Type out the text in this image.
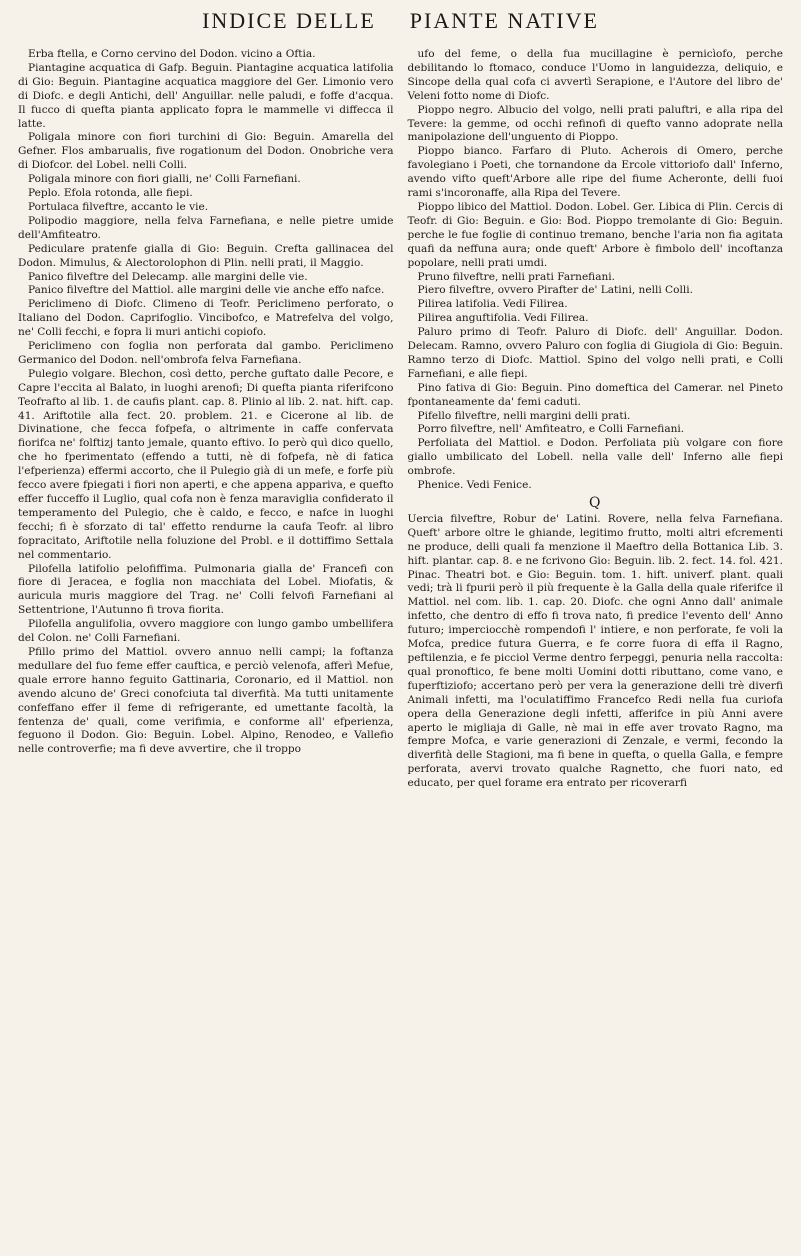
INDICE DELLE PIANTE NATIVE

Erba ftella, e Corno cervino del Dodon. vicino a Oftia.

Piantagine acquatica di Gafp. Beguin. Piantagine acquatica latifolia di Gio: Beguin. Piantagine acquatica maggiore del Ger. Limonio vero di Diofc. e degli Antichi, dell' Anguillar. nelle paludi, e foffe d'acqua. Il fucco di quefta pianta applicato fopra le mammelle vi diffecca il latte.

Poligala minore con fiori turchini di Gio: Beguin. Amarella del Gefner. Flos ambarualis, five rogationum del Dodon. Onobriche vera di Diofcor. del Lobel. nelli Colli.

Poligala minore con fiori gialli, ne' Colli Farnefiani.

Peplo. Efola rotonda, alle fiepi.

Portulaca filveftre, accanto le vie.

Polipodio maggiore, nella felva Farnefiana, e nelle pietre umide dell'Amfiteatro.

Pediculare pratenfe gialla di Gio: Beguin. Crefta gallinacea del Dodon. Mimulus, & Alectorolophon di Plin. nelli prati, il Maggio.

Panico filveftre del Delecamp. alle margini delle vie.

Panico filveftre del Mattiol. alle margini delle vie anche effo nafce.

Periclimeno di Diofc. Climeno di Teofr. Periclimeno perforato, o Italiano del Dodon. Caprifoglio. Vincibofco, e Matrefelva del volgo, ne' Colli fecchi, e fopra li muri antichi copiofo.

Periclimeno con foglia non perforata dal gambo. Periclimeno Germanico del Dodon. nell'ombrofa felva Farnefiana.

Pulegio volgare. Blechon, così detto, perche guftato dalle Pecore, e Capre l'eccita al Balato, in luoghi arenofi; Di quefta pianta riferifcono Teofrafto al lib. 1. de caufis plant. cap. 8. Plinio al lib. 2. nat. hift. cap. 41. Ariftotile alla fect. 20. problem. 21. e Cicerone al lib. de Divinatione, che fecca fofpefa, o altrimente in caffe confervata fiorifca ne' folftizj tanto jemale, quanto eftivo. Io però quì dico quello, che ho fperimentato (effendo a tutti, nè di fofpefa, nè di fatica l'efperienza) effermi accorto, che il Pulegio già di un mefe, e forfe più fecco avere fpiegati i fiori non aperti, e che appena appariva, e quefto effer fucceffo il Luglio, qual cofa non è fenza maraviglia confiderato il temperamento del Pulegio, che è caldo, e fecco, e nafce in luoghi fecchi; fi è sforzato di tal' effetto rendurne la caufa Teofr. al libro fopracitato, Ariftotile nella foluzione del Probl. e il dottiffimo Settala nel commentario.

Pilofella latifolio pelofiffima. Pulmonaria gialla de' Francefi con fiore di Jeracea, e foglia non macchiata del Lobel. Miofatis, & auricula muris maggiore del Trag. ne' Colli felvofi Farnefiani al Settentrione, l'Autunno fi trova fiorita.

Pilofella angulifolia, ovvero maggiore con lungo gambo umbellifera del Colon. ne' Colli Farnefiani.

Pfillo primo del Mattiol. ovvero annuo nelli campi; la foftanza medullare del fuo feme effer cauftica, e perciò velenofa, afferì Mefue, quale errore hanno feguito Gattinaria, Coronario, ed il Mattiol. non avendo alcuno de' Greci conofciuta tal diverfità. Ma tutti unitamente confeffano effer il feme di refrigerante, ed umettante facoltà, la fentenza de' quali, come verifimia, e conforme all' efperienza, feguono il Dodon. Gio: Beguin. Lobel. Alpino, Renodeo, e Vallefio nelle controverfie; ma fi deve avvertire, che il troppo

ufo del feme, o della fua mucillagine è pernicìofo, perche debilitando lo ftomaco, conduce l'Uomo in languidezza, deliquio, e Sincope della qual cofa ci avvertì Serapione, e l'Autore del libro de' Veleni fotto nome di Diofc.

Pioppo negro. Albucio del volgo, nelli prati paluftri, e alla ripa del Tevere: la gemme, od occhi refinofi di quefto vanno adoprate nella manipolazione dell'unguento di Pioppo.

Pioppo bianco. Farfaro di Pluto. Acherois di Omero, perche favolegiano i Poeti, che tornandone da Ercole vittoriofo dall' Inferno, avendo vifto queft'Arbore alle ripe del fiume Acheronte, delli fuoi rami s'incoronaffe, alla Ripa del Tevere.

Pioppo libico del Mattiol. Dodon. Lobel. Ger. Libica di Plin. Cercis di Teofr. di Gio: Beguin. e Gio: Bod. Pioppo tremolante di Gio: Beguin. perche le fue foglie di continuo tremano, benche l'aria non fia agitata quafi da neffuna aura; onde queft' Arbore è fimbolo dell' incoftanza popolare, nelli prati umdi.

Pruno filveftre, nelli prati Farnefiani.

Piero filveftre, ovvero Pirafter de' Latini, nelli Colli.

Pilirea latifolia. Vedi Filirea.

Pilirea anguftifolia. Vedi Filirea.

Paluro primo di Teofr. Paluro di Diofc. dell' Anguillar. Dodon. Delecam. Ramno, ovvero Paluro con foglia di Giugiola di Gio: Beguin. Ramno terzo di Diofc. Mattiol. Spino del volgo nelli prati, e Colli Farnefiani, e alle fiepi.

Pino fativa di Gio: Beguin. Pino domeftica del Camerar. nel Pineto fpontaneamente da' femi caduti.

Pifello filveftre, nelli margini delli prati.

Porro filveftre, nell' Amfiteatro, e Colli Farnefiani.

Perfoliata del Mattiol. e Dodon. Perfoliata più volgare con fiore giallo umbilicato del Lobell. nella valle dell' Inferno alle fiepi ombrofe.

Phenice. Vedi Fenice.

Q

Uercia filveftre, Robur de' Latini. Rovere, nella felva Farnefiana. Queft' arbore oltre le ghiande, legitimo frutto, molti altri efcrementi ne produce, delli quali fa menzione il Maeftro della Bottanica Lib. 3. hift. plantar. cap. 8. e ne fcrivono Gio: Beguin. lib. 2. fect. 14. fol. 421. Pinac. Theatri bot. e Gio: Beguin. tom. 1. hift. univerf. plant. quali vedi; trà li fpurii però il più frequente è la Galla della quale riferifce il Mattiol. nel com. lib. 1. cap. 20. Diofc. che ogni Anno dall' animale infetto, che dentro di effo fi trova nato, fi predice l'evento dell' Anno futuro; imperciocchè rompendofi l' intiere, e non perforate, fe voli la Mofca, predice futura Guerra, e fe corre fuora di effa il Ragno, peftilenzia, e fe picciol Verme dentro ferpeggi, penuria nella raccolta: qual pronoftico, fe bene molti Uomini dotti ributtano, come vano, e fuperftiziofo; accertano però per vera la generazione delli trè diverfi Animali infetti, ma l'oculatiffimo Francefco Redi nella fua curiofa opera della Generazione degli infetti, afferifce in più Anni avere aperto le migliaja di Galle, nè mai in effe aver trovato Ragno, ma fempre Mofca, e varie generazioni di Zenzale, e vermi, fecondo la diverfità delle Stagioni, ma fi bene in quefta, o quella Galla, e fempre perforata, avervi trovato qualche Ragnetto, che fuori nato, ed educato, per quel forame era entrato per ricoverarfi
